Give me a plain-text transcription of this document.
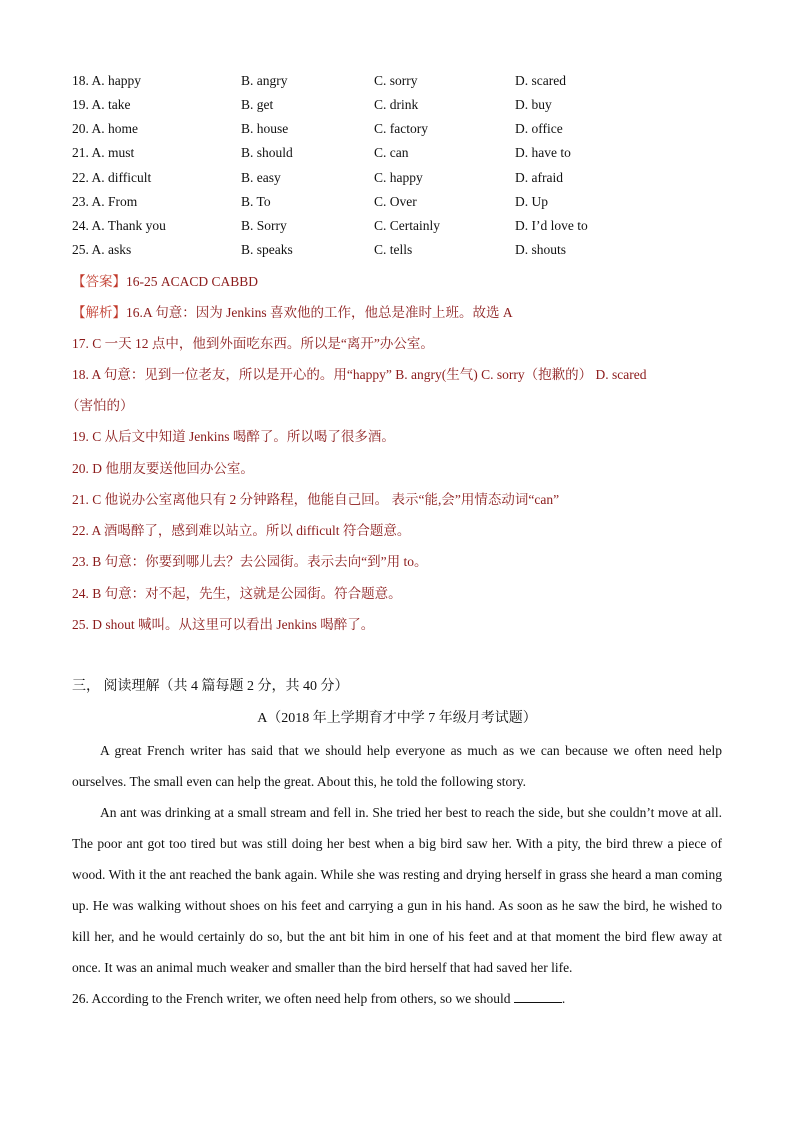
18. A. happy	B. angry	C. sorry	D. scared
19. A. take	B. get	C. drink	D. buy
20. A. home	B. house	C. factory	D. office
21. A. must	B. should	C. can	D. have to
22. A. difficult	B. easy	C. happy	D. afraid
23. A. From	B. To	C. Over	D. Up
24. A. Thank you	B. Sorry	C. Certainly	D. I’d love to
25. A. asks	B. speaks	C. tells	D. shouts
【答案】16-25 ACACD CABBD
【解析】16.A 句意：因为 Jenkins 喜欢他的工作，他总是准时上班。故选 A
17. C 一天 12 点中，他到外面吃东西。所以是“离开”办公室。
18. A 句意：见到一位老友，所以是开心的。用“happy” B. angry(生气) C. sorry（抱歉的） D. scared
（害怕的）
19. C 从后文中知道 Jenkins 喝醉了。所以喝了很多酒。
20. D 他朋友要送他回办公室。
21. C 他说办公室离他只有 2 分钟路程，他能自己回。 表示“能,会”用情态动词“can”
22. A 酒喝醉了，感到难以站立。所以 difficult 符合题意。
23. B 句意：你要到哪儿去？去公园街。表示去向“到”用 to。
24. B 句意：对不起，先生，这就是公园街。符合题意。
25. D shout 喊叫。从这里可以看出 Jenkins 喝醉了。
三， 阅读理解（共 4 篇每题 2 分，共 40 分）
A（2018 年上学期育才中学 7 年级月考试题）
A great French writer has said that we should help everyone as much as we can because we often need help ourselves. The small even can help the great. About this, he told the following story.
An ant was drinking at a small stream and fell in. She tried her best to reach the side, but she couldn’t move at all. The poor ant got too tired but was still doing her best when a big bird saw her. With a pity, the bird threw a piece of wood. With it the ant reached the bank again. While she was resting and drying herself in grass she heard a man coming up. He was walking without shoes on his feet and carrying a gun in his hand. As soon as he saw the bird, he wished to kill her, and he would certainly do so, but the ant bit him in one of his feet and at that moment the bird flew away at once. It was an animal much weaker and smaller than the bird herself that had saved her life.
26. According to the French writer, we often need help from others, so we should	.
